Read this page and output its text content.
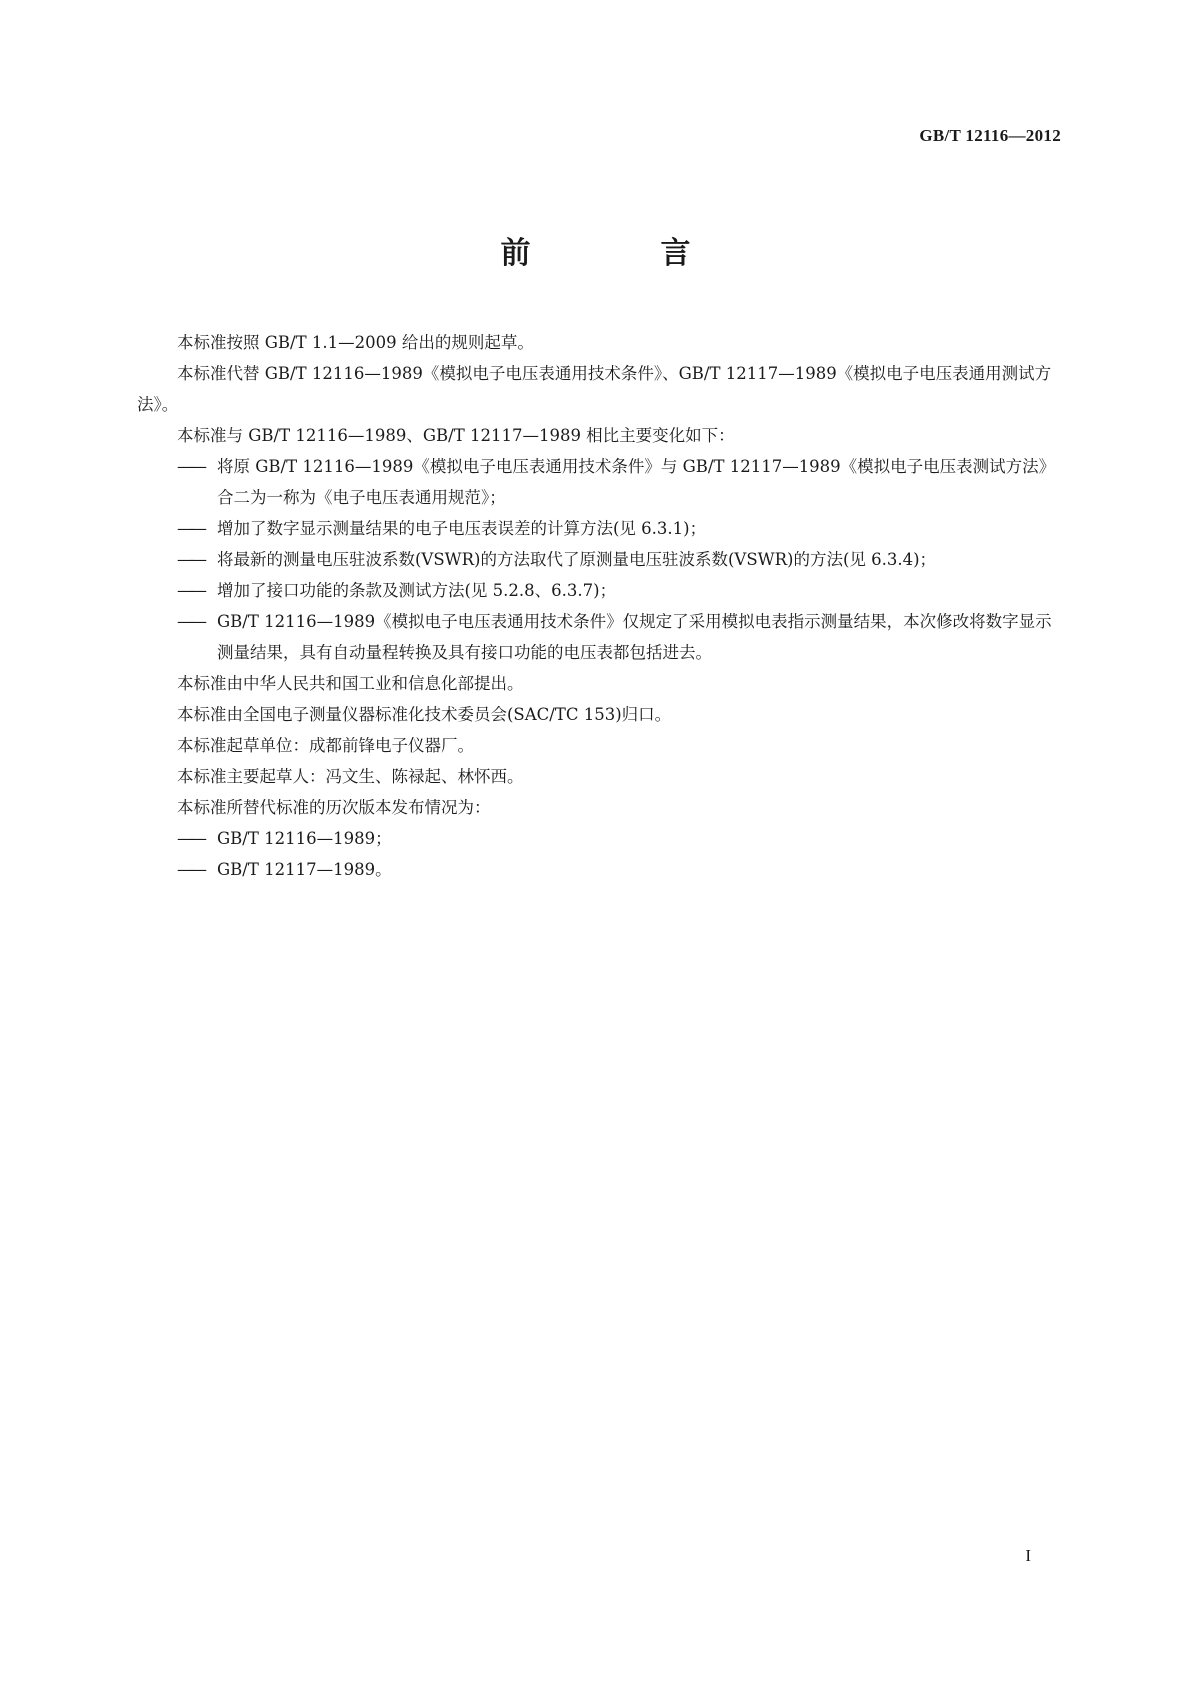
GB/T 12116—2012
前　言

本标准按照 GB/T 1.1—2009 给出的规则起草。

本标准代替 GB/T 12116—1989《模拟电子电压表通用技术条件》、GB/T 12117—1989《模拟电子电压表通用测试方法》。

本标准与 GB/T 12116—1989、GB/T 12117—1989 相比主要变化如下：

—— 将原 GB/T 12116—1989《模拟电子电压表通用技术条件》与 GB/T 12117—1989《模拟电子电压表测试方法》合二为一称为《电子电压表通用规范》；

—— 增加了数字显示测量结果的电子电压表误差的计算方法(见 6.3.1)；

—— 将最新的测量电压驻波系数(VSWR)的方法取代了原测量电压驻波系数(VSWR)的方法(见 6.3.4)；

—— 增加了接口功能的条款及测试方法(见 5.2.8、6.3.7)；

—— GB/T 12116—1989《模拟电子电压表通用技术条件》仅规定了采用模拟电表指示测量结果，本次修改将数字显示测量结果，具有自动量程转换及具有接口功能的电压表都包括进去。

本标准由中华人民共和国工业和信息化部提出。

本标准由全国电子测量仪器标准化技术委员会(SAC/TC 153)归口。

本标准起草单位：成都前锋电子仪器厂。

本标准主要起草人：冯文生、陈禄起、林怀西。

本标准所替代标准的历次版本发布情况为：

—— GB/T 12116—1989；

—— GB/T 12117—1989。

I
